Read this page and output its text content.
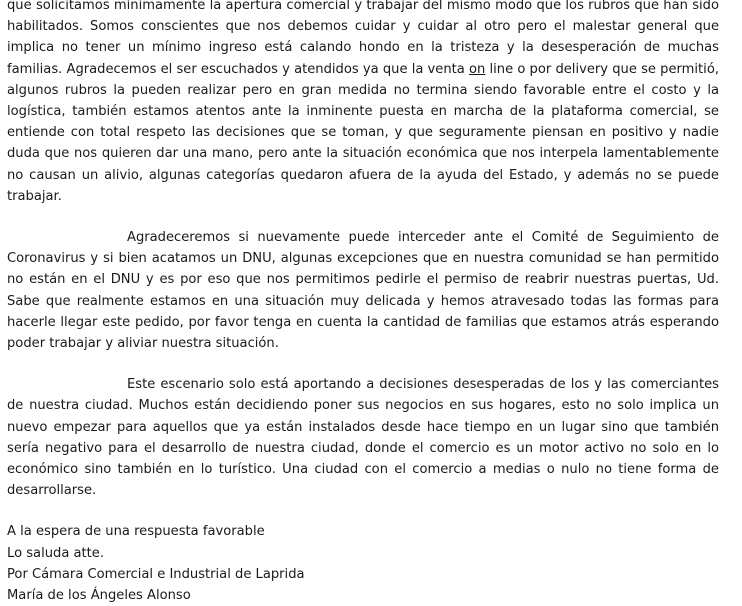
que solicitamos mínimamente la apertura comercial y trabajar del mismo modo que los rubros que han sido habilitados. Somos conscientes que nos debemos cuidar y cuidar al otro pero el malestar general que implica no tener un mínimo ingreso está calando hondo en la tristeza y la desesperación de muchas familias. Agradecemos el ser escuchados y atendidos ya que la venta on line o por delivery que se permitió, algunos rubros la pueden realizar pero en gran medida no termina siendo favorable entre el costo y la logística, también estamos atentos ante la inminente puesta en marcha de la plataforma comercial, se entiende con total respeto las decisiones que se toman, y que seguramente piensan en positivo y nadie duda que nos quieren dar una mano, pero ante la situación económica que nos interpela lamentablemente no causan un alivio, algunas categorías quedaron afuera de la ayuda del Estado, y además no se puede trabajar.

Agradeceremos si nuevamente puede interceder ante el Comité de Seguimiento de Coronavirus y si bien acatamos un DNU, algunas excepciones que en nuestra comunidad se han permitido no están en el DNU y es por eso que nos permitimos pedirle el permiso de reabrir nuestras puertas, Ud. Sabe que realmente estamos en una situación muy delicada y hemos atravesado todas las formas para hacerle llegar este pedido, por favor tenga en cuenta la cantidad de familias que estamos atrás esperando poder trabajar y aliviar nuestra situación.

Este escenario solo está aportando a decisiones desesperadas de los y las comerciantes de nuestra ciudad. Muchos están decidiendo poner sus negocios en sus hogares, esto no solo implica un nuevo empezar para aquellos que ya están instalados desde hace tiempo en un lugar sino que también sería negativo para el desarrollo de nuestra ciudad, donde el comercio es un motor activo no solo en lo económico sino también en lo turístico. Una ciudad con el comercio a medias o nulo no tiene forma de desarrollarse.

A la espera de una respuesta favorable
Lo saluda atte.
Por Cámara Comercial e Industrial de Laprida
María de los Ángeles Alonso
